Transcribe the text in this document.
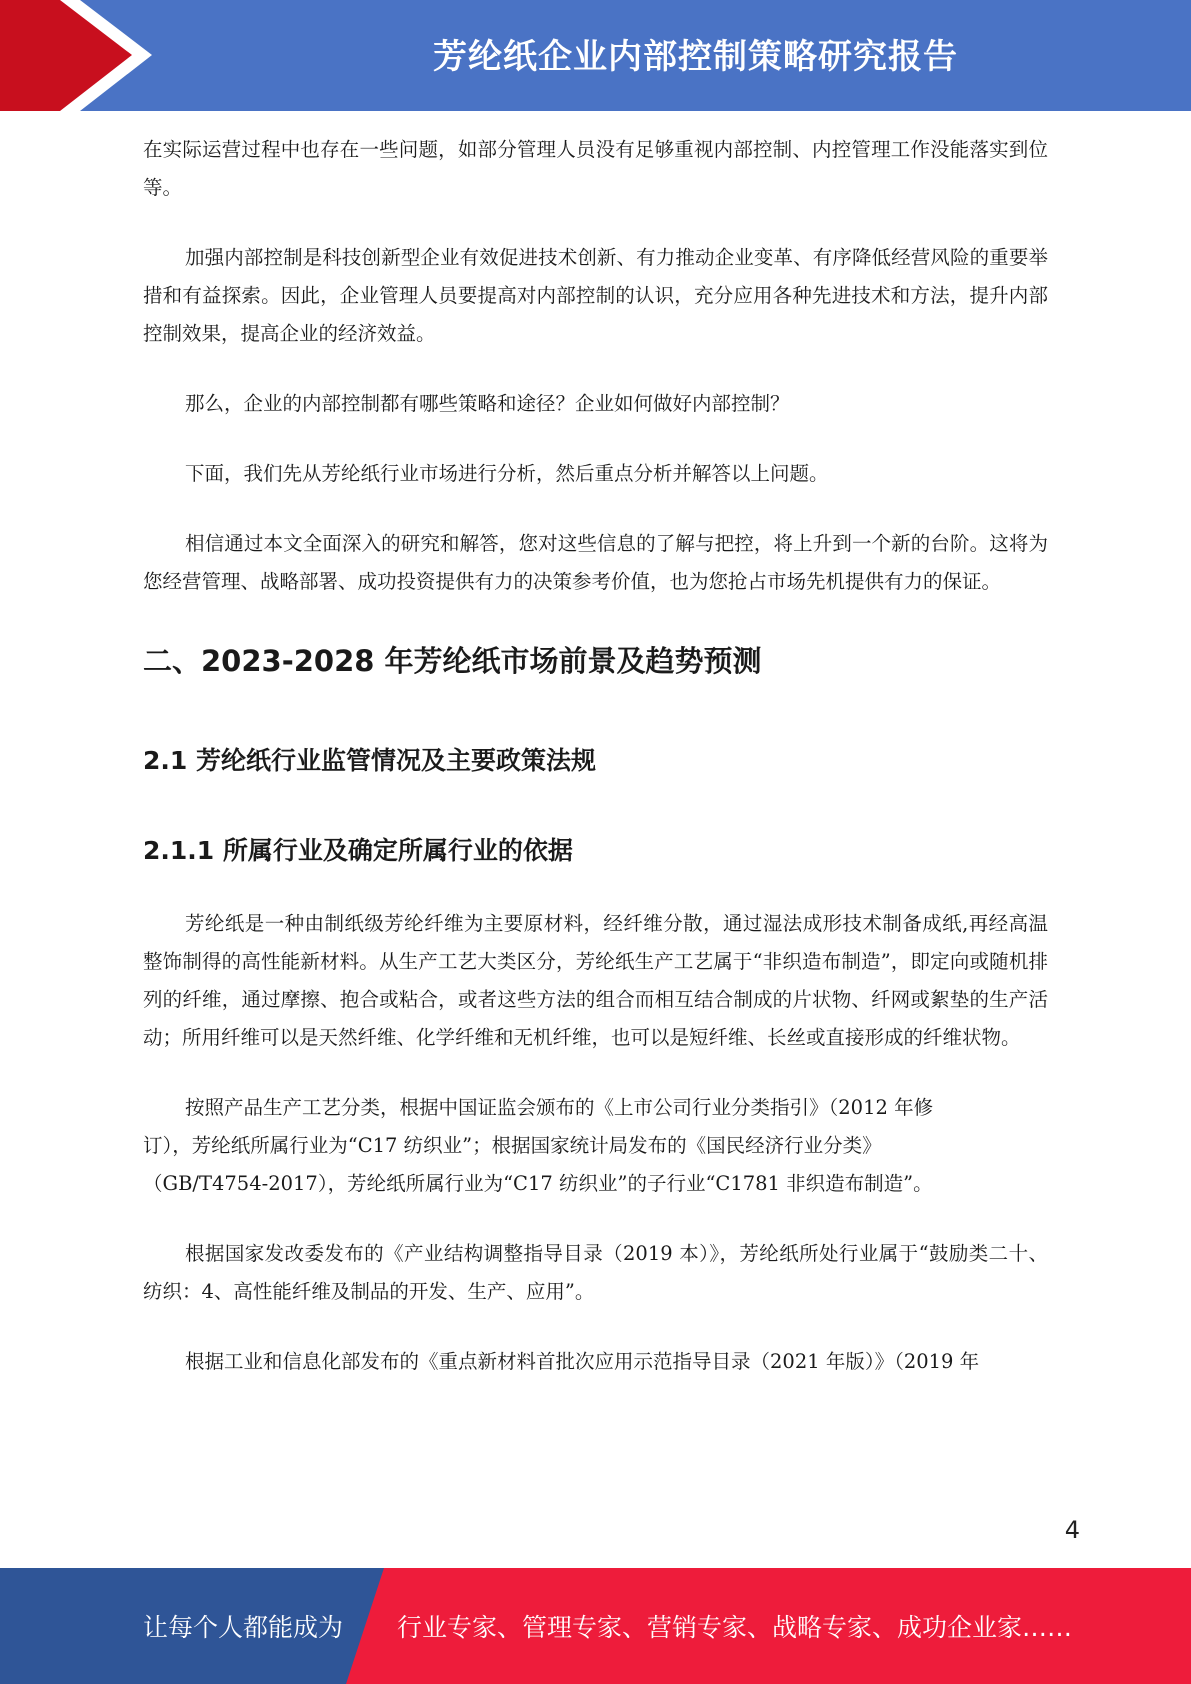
芳纶纸企业内部控制策略研究报告

在实际运营过程中也存在一些问题，如部分管理人员没有足够重视内部控制、内控管理工作没能落实到位等。

加强内部控制是科技创新型企业有效促进技术创新、有力推动企业变革、有序降低经营风险的重要举措和有益探索。因此，企业管理人员要提高对内部控制的认识，充分应用各种先进技术和方法，提升内部控制效果，提高企业的经济效益。

那么，企业的内部控制都有哪些策略和途径？企业如何做好内部控制？

下面，我们先从芳纶纸行业市场进行分析，然后重点分析并解答以上问题。

相信通过本文全面深入的研究和解答，您对这些信息的了解与把控，将上升到一个新的台阶。这将为您经营管理、战略部署、成功投资提供有力的决策参考价值，也为您抢占市场先机提供有力的保证。

二、2023-2028 年芳纶纸市场前景及趋势预测
2.1 芳纶纸行业监管情况及主要政策法规
2.1.1 所属行业及确定所属行业的依据

芳纶纸是一种由制纸级芳纶纤维为主要原材料，经纤维分散，通过湿法成形技术制备成纸,再经高温整饰制得的高性能新材料。从生产工艺大类区分，芳纶纸生产工艺属于“非织造布制造”，即定向或随机排列的纤维，通过摩擦、抱合或粘合，或者这些方法的组合而相互结合制成的片状物、纤网或絮垫的生产活动；所用纤维可以是天然纤维、化学纤维和无机纤维，也可以是短纤维、长丝或直接形成的纤维状物。

按照产品生产工艺分类，根据中国证监会颁布的《上市公司行业分类指引》（2012 年修

订），芳纶纸所属行业为“C17 纺织业”；根据国家统计局发布的《国民经济行业分类》

（GB/T4754-2017），芳纶纸所属行业为“C17 纺织业”的子行业“C1781 非织造布制造”。

根据国家发改委发布的《产业结构调整指导目录（2019 本）》，芳纶纸所处行业属于“鼓励类二十、纺织：4、高性能纤维及制品的开发、生产、应用”。

根据工业和信息化部发布的《重点新材料首批次应用示范指导目录（2021 年版）》（2019 年

4
让每个人都能成为 行业专家、管理专家、营销专家、战略专家、成功企业家……
